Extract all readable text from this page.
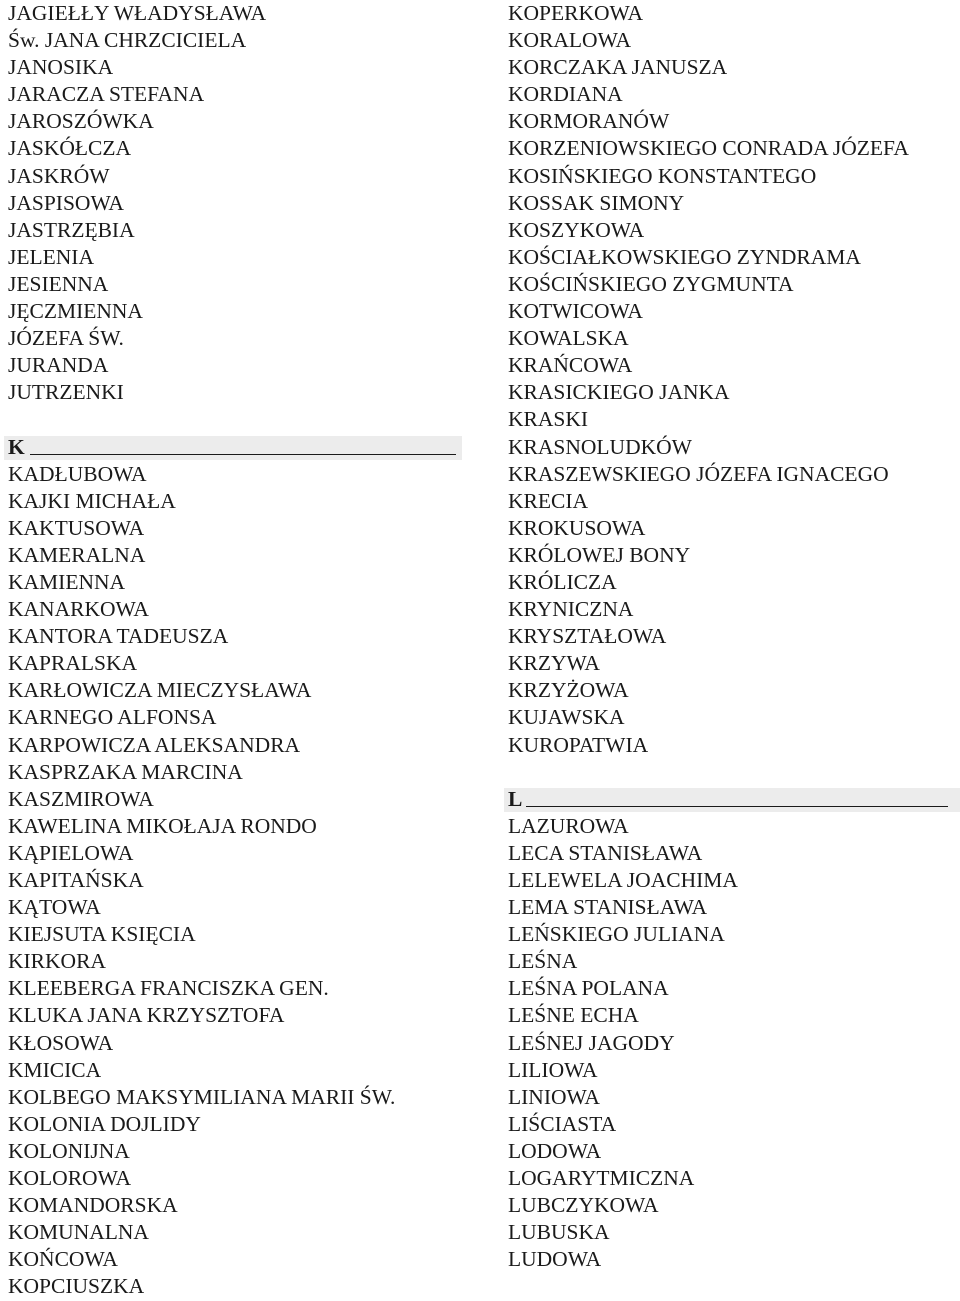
JAGIEŁŁY WŁADYSŁAWA
Św. JANA CHRZCICIELA
JANOSIKA
JARACZA STEFANA
JAROSZÓWKA
JASKÓŁCZA
JASKRÓW
JASPISOWA
JASTRZĘBIA
JELENIA
JESIENNA
JĘCZMIENNA
JÓZEFA ŚW.
JURANDA
JUTRZENKI
K
KADŁUBOWA
KAJKI MICHAŁA
KAKTUSOWA
KAMERALNA
KAMIENNA
KANARKOWA
KANTORA TADEUSZA
KAPRALSKA
KARŁOWICZA MIECZYSŁAWA
KARNEGO ALFONSA
KARPOWICZA ALEKSANDRA
KASPRZAKA MARCINA
KASZMIROWA
KAWELINA MIKOŁAJA RONDO
KĄPIELOWA
KAPITAŃSKA
KĄTOWA
KIEJSUTA KSIĘCIA
KIRKORA
KLEEBERGA FRANCISZKA GEN.
KLUKA JANA KRZYSZTOFA
KŁOSOWA
KMICICA
KOLBEGO MAKSYMILIANA MARII ŚW.
KOLONIA DOJLIDY
KOLONIJNA
KOLOROWA
KOMANDORSKA
KOMUNALNA
KOŃCOWA
KOPCIUSZKA
KOPERKOWA
KORALOWA
KORCZAKA JANUSZA
KORDIANA
KORMORANÓW
KORZENIOWSKIEGO CONRADA JÓZEFA
KOSIŃSKIEGO KONSTANTEGO
KOSSAK SIMONY
KOSZYKOWA
KOŚCIAŁKOWSKIEGO ZYNDRAMA
KOŚCIŃSKIEGO ZYGMUNTA
KOTWICOWA
KOWALSKA
KRAŃCOWA
KRASICKIEGO JANKA
KRASKI
KRASNOLUDKÓW
KRASZEWSKIEGO JÓZEFA IGNACEGO
KRECIA
KROKUSOWA
KRÓLOWEJ BONY
KRÓLICZA
KRYNICZNA
KRYSZTAŁOWA
KRZYWA
KRZYŻOWA
KUJAWSKA
KUROPATWIA
L
LAZUROWA
LECA STANISŁAWA
LELEWELA JOACHIMA
LEMA STANISŁAWA
LEŃSKIEGO JULIANA
LEŚNA
LEŚNA POLANA
LEŚNE ECHA
LEŚNEJ JAGODY
LILIOWA
LINIOWA
LIŚCIASTA
LODOWA
LOGARYTMICZNA
LUBCZYKOWA
LUBUSKA
LUDOWA
